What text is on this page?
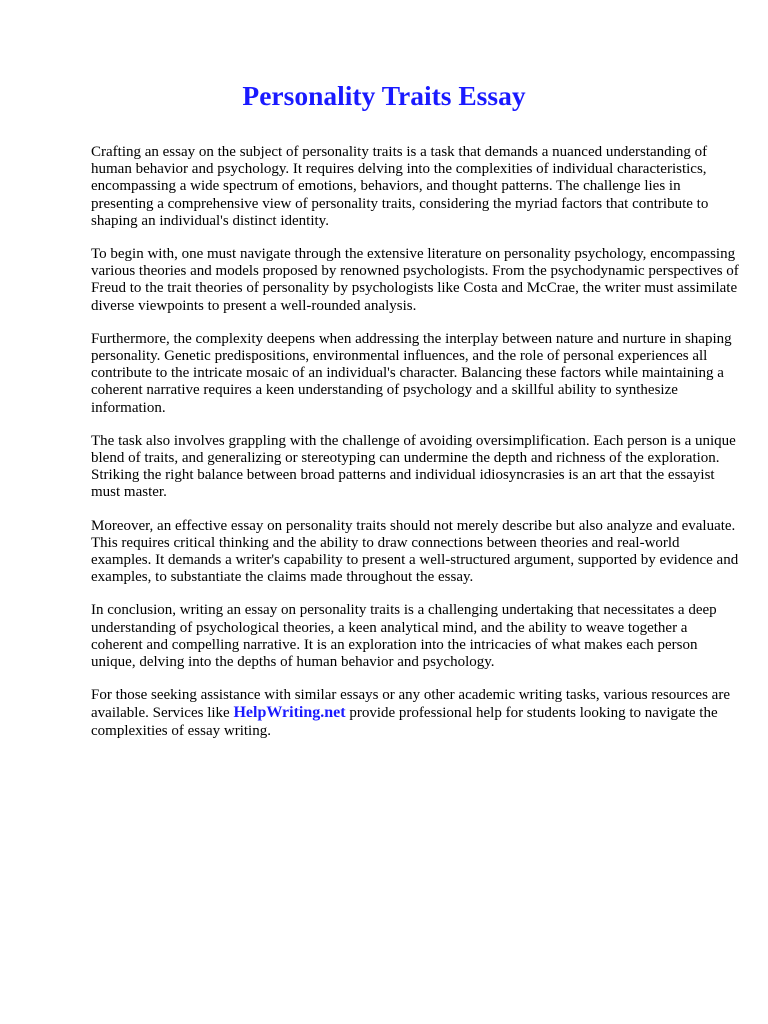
Personality Traits Essay

Crafting an essay on the subject of personality traits is a task that demands a nuanced understanding of human behavior and psychology. It requires delving into the complexities of individual characteristics, encompassing a wide spectrum of emotions, behaviors, and thought patterns. The challenge lies in presenting a comprehensive view of personality traits, considering the myriad factors that contribute to shaping an individual's distinct identity.

To begin with, one must navigate through the extensive literature on personality psychology, encompassing various theories and models proposed by renowned psychologists. From the psychodynamic perspectives of Freud to the trait theories of personality by psychologists like Costa and McCrae, the writer must assimilate diverse viewpoints to present a well-rounded analysis.

Furthermore, the complexity deepens when addressing the interplay between nature and nurture in shaping personality. Genetic predispositions, environmental influences, and the role of personal experiences all contribute to the intricate mosaic of an individual's character. Balancing these factors while maintaining a coherent narrative requires a keen understanding of psychology and a skillful ability to synthesize information.

The task also involves grappling with the challenge of avoiding oversimplification. Each person is a unique blend of traits, and generalizing or stereotyping can undermine the depth and richness of the exploration. Striking the right balance between broad patterns and individual idiosyncrasies is an art that the essayist must master.

Moreover, an effective essay on personality traits should not merely describe but also analyze and evaluate. This requires critical thinking and the ability to draw connections between theories and real-world examples. It demands a writer's capability to present a well-structured argument, supported by evidence and examples, to substantiate the claims made throughout the essay.

In conclusion, writing an essay on personality traits is a challenging undertaking that necessitates a deep understanding of psychological theories, a keen analytical mind, and the ability to weave together a coherent and compelling narrative. It is an exploration into the intricacies of what makes each person unique, delving into the depths of human behavior and psychology.

For those seeking assistance with similar essays or any other academic writing tasks, various resources are available. Services like HelpWriting.net provide professional help for students looking to navigate the complexities of essay writing.
